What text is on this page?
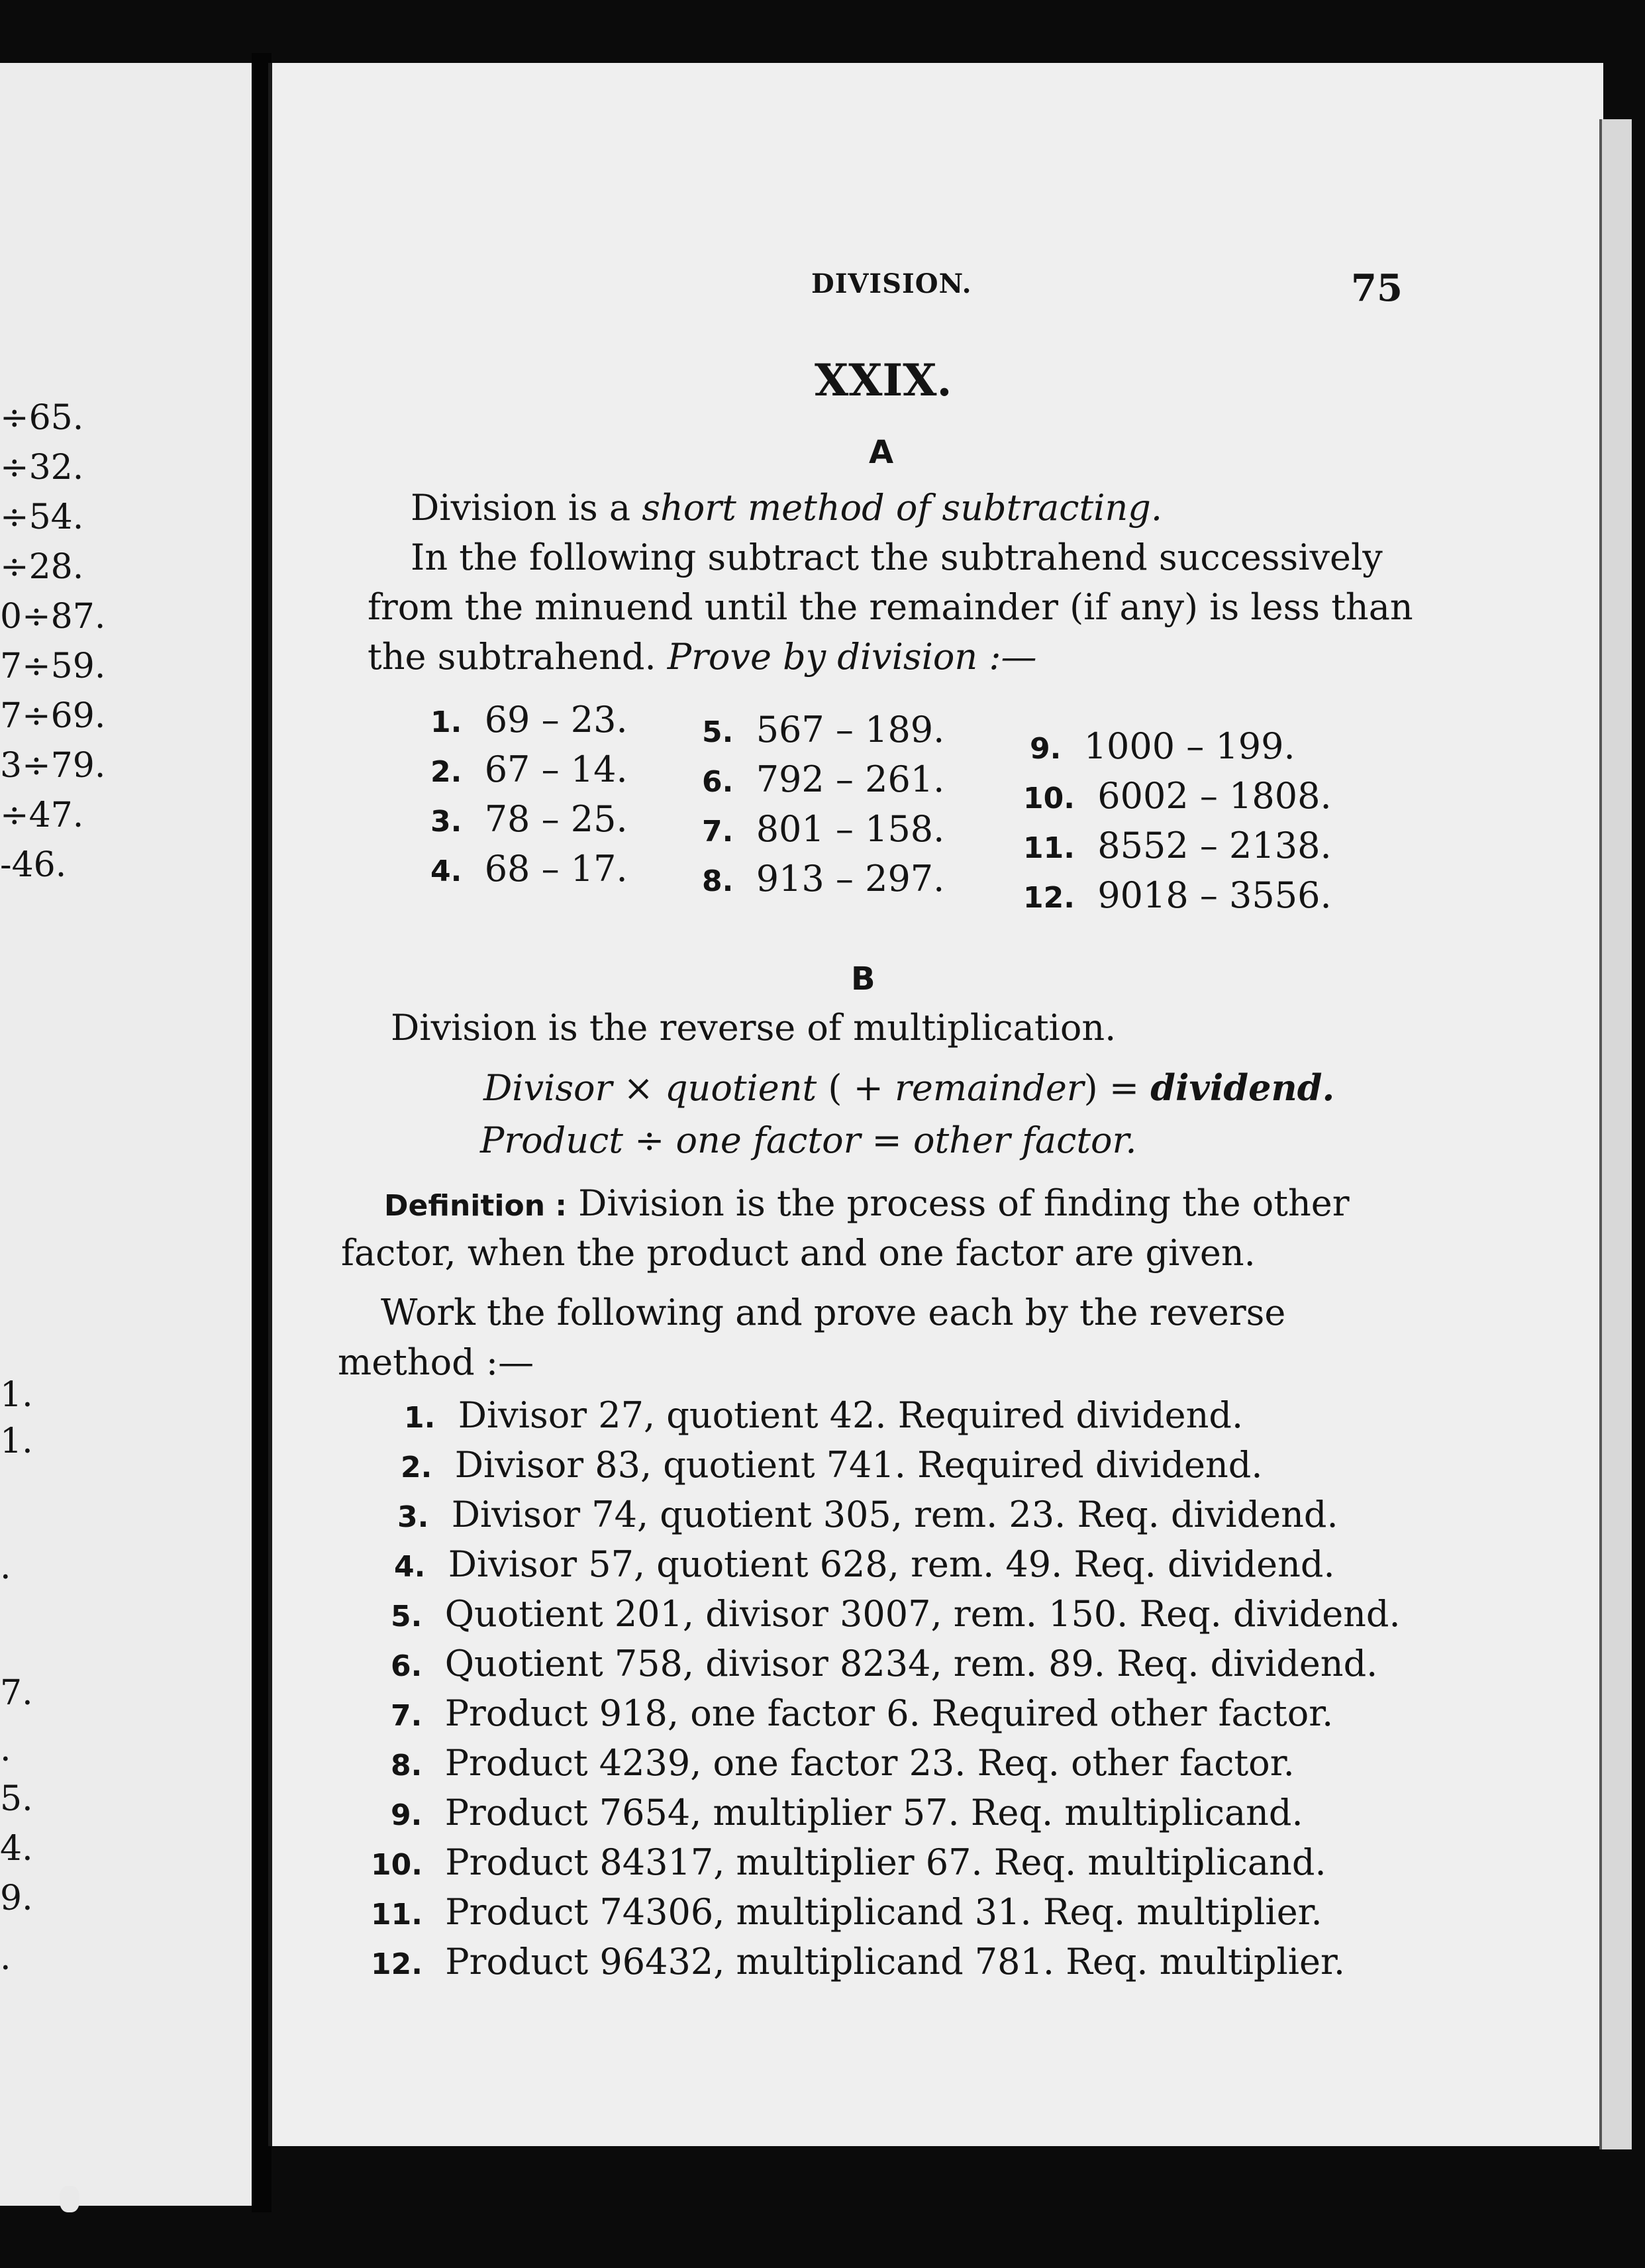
÷65.
÷32.
÷54.
÷28.
0÷87.
7÷59.
7÷69.
3÷79.
÷47.
-46.
1.
1.
.
7.
.
5.
4.
9.
.
DIVISION.	75
XXIX.
A
Division is a short method of subtracting.
In the following subtract the subtrahend successively
from the minuend until the remainder (if any) is less than
the subtrahend. Prove by division :—
1. 69 – 23.
2. 67 – 14.
3. 78 – 25.
4. 68 – 17.
5. 567 – 189.
6. 792 – 261.
7. 801 – 158.
8. 913 – 297.
9. 1000 – 199.
10. 6002 – 1808.
11. 8552 – 2138.
12. 9018 – 3556.
B
Division is the reverse of multiplication.
Divisor × quotient ( + remainder) = dividend.
Product ÷ one factor = other factor.
Definition : Division is the process of finding the other
factor, when the product and one factor are given.
Work the following and prove each by the reverse
method :—
1. Divisor 27, quotient 42. Required dividend.
2. Divisor 83, quotient 741. Required dividend.
3. Divisor 74, quotient 305, rem. 23. Req. dividend.
4. Divisor 57, quotient 628, rem. 49. Req. dividend.
5. Quotient 201, divisor 3007, rem. 150. Req. dividend.
6. Quotient 758, divisor 8234, rem. 89. Req. dividend.
7. Product 918, one factor 6. Required other factor.
8. Product 4239, one factor 23. Req. other factor.
9. Product 7654, multiplier 57. Req. multiplicand.
10. Product 84317, multiplier 67. Req. multiplicand.
11. Product 74306, multiplicand 31. Req. multiplier.
12. Product 96432, multiplicand 781. Req. multiplier.
